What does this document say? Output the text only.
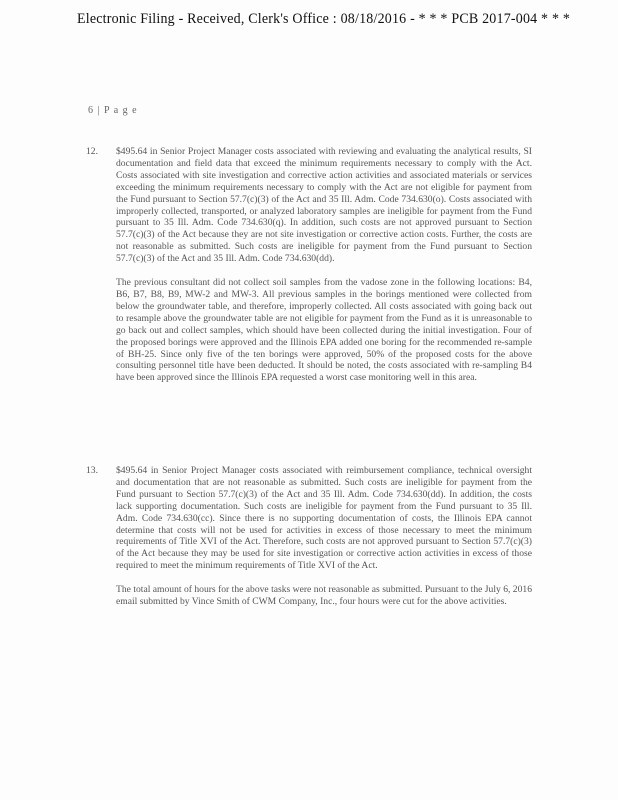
Electronic Filing - Received, Clerk's Office : 08/18/2016 - * * * PCB 2017-004 * * *
6 | P a g e
12. $495.64 in Senior Project Manager costs associated with reviewing and evaluating the analytical results, SI documentation and field data that exceed the minimum requirements necessary to comply with the Act. Costs associated with site investigation and corrective action activities and associated materials or services exceeding the minimum requirements necessary to comply with the Act are not eligible for payment from the Fund pursuant to Section 57.7(c)(3) of the Act and 35 Ill. Adm. Code 734.630(o). Costs associated with improperly collected, transported, or analyzed laboratory samples are ineligible for payment from the Fund pursuant to 35 Ill. Adm. Code 734.630(q). In addition, such costs are not approved pursuant to Section 57.7(c)(3) of the Act because they are not site investigation or corrective action costs. Further, the costs are not reasonable as submitted. Such costs are ineligible for payment from the Fund pursuant to Section 57.7(c)(3) of the Act and 35 Ill. Adm. Code 734.630(dd).

The previous consultant did not collect soil samples from the vadose zone in the following locations: B4, B6, B7, B8, B9, MW-2 and MW-3. All previous samples in the borings mentioned were collected from below the groundwater table, and therefore, improperly collected. All costs associated with going back out to resample above the groundwater table are not eligible for payment from the Fund as it is unreasonable to go back out and collect samples, which should have been collected during the initial investigation. Four of the proposed borings were approved and the Illinois EPA added one boring for the recommended re-sample of BH-25. Since only five of the ten borings were approved, 50% of the proposed costs for the above consulting personnel title have been deducted. It should be noted, the costs associated with re-sampling B4 have been approved since the Illinois EPA requested a worst case monitoring well in this area.

13. $495.64 in Senior Project Manager costs associated with reimbursement compliance, technical oversight and documentation that are not reasonable as submitted. Such costs are ineligible for payment from the Fund pursuant to Section 57.7(c)(3) of the Act and 35 Ill. Adm. Code 734.630(dd). In addition, the costs lack supporting documentation. Such costs are ineligible for payment from the Fund pursuant to 35 Ill. Adm. Code 734.630(cc). Since there is no supporting documentation of costs, the Illinois EPA cannot determine that costs will not be used for activities in excess of those necessary to meet the minimum requirements of Title XVI of the Act. Therefore, such costs are not approved pursuant to Section 57.7(c)(3) of the Act because they may be used for site investigation or corrective action activities in excess of those required to meet the minimum requirements of Title XVI of the Act.

The total amount of hours for the above tasks were not reasonable as submitted. Pursuant to the July 6, 2016 email submitted by Vince Smith of CWM Company, Inc., four hours were cut for the above activities.
